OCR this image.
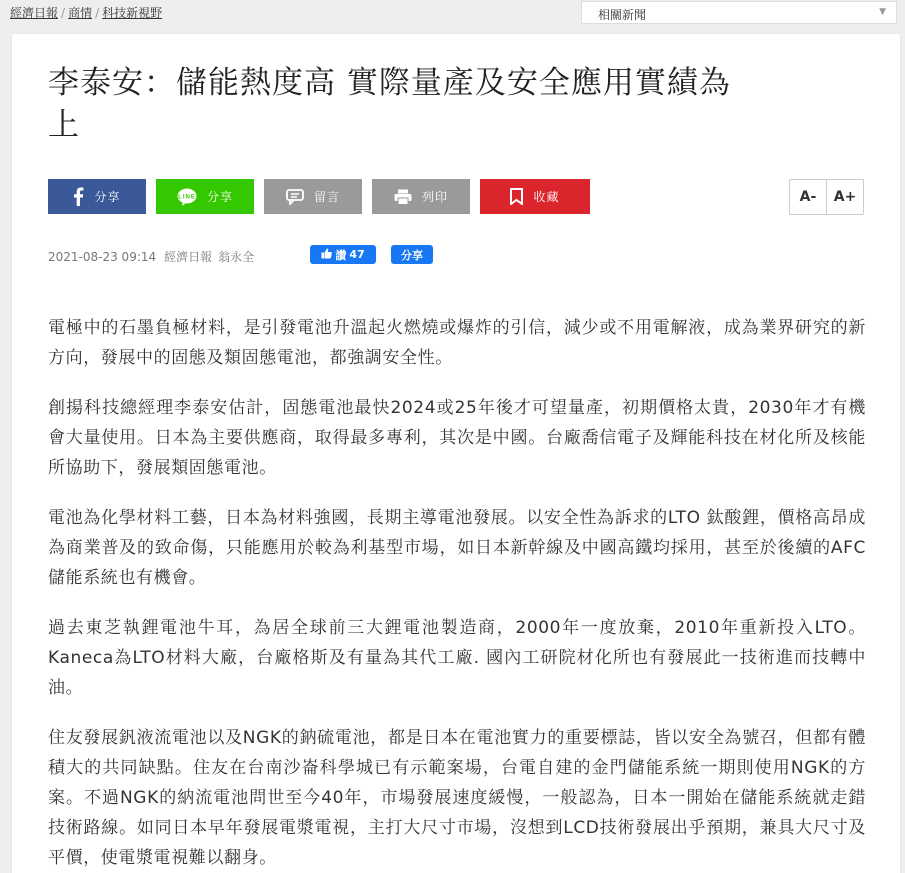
經濟日報 / 商情 / 科技新視野	相關新聞	▼
李泰安：儲能熱度高 實際量產及安全應用實績為上
分享	LINE 分享	留言	列印	收藏	A-	A+
2021-08-23 09:14 經濟日報 翁永全	讚 47	分享

電極中的石墨負極材料，是引發電池升溫起火燃燒或爆炸的引信，減少或不用電解液，成為業界研究的新方向，發展中的固態及類固態電池，都強調安全性。

創揚科技總經理李泰安估計，固態電池最快2024或25年後才可望量產，初期價格太貴，2030年才有機會大量使用。日本為主要供應商，取得最多專利，其次是中國。台廠喬信電子及輝能科技在材化所及核能所協助下，發展類固態電池。

電池為化學材料工藝，日本為材料強國，長期主導電池發展。以安全性為訴求的LTO 鈦酸鋰，價格高昂成為商業普及的致命傷，只能應用於較為利基型市場，如日本新幹線及中國高鐵均採用，甚至於後續的AFC儲能系統也有機會。

過去東芝執鋰電池牛耳，為居全球前三大鋰電池製造商，2000年一度放棄，2010年重新投入LTO。Kaneca為LTO材料大廠，台廠格斯及有量為其代工廠. 國內工研院材化所也有發展此一技術進而技轉中油。

住友發展釩液流電池以及NGK的鈉硫電池，都是日本在電池實力的重要標誌，皆以安全為號召，但都有體積大的共同缺點。住友在台南沙崙科學城已有示範案場，台電自建的金門儲能系統一期則使用NGK的方案。不過NGK的納流電池問世至今40年，市場發展速度緩慢，一般認為，日本一開始在儲能系統就走錯技術路線。如同日本早年發展電漿電視，主打大尺寸市場，沒想到LCD技術發展出乎預期，兼具大尺寸及平價，使電漿電視難以翻身。
